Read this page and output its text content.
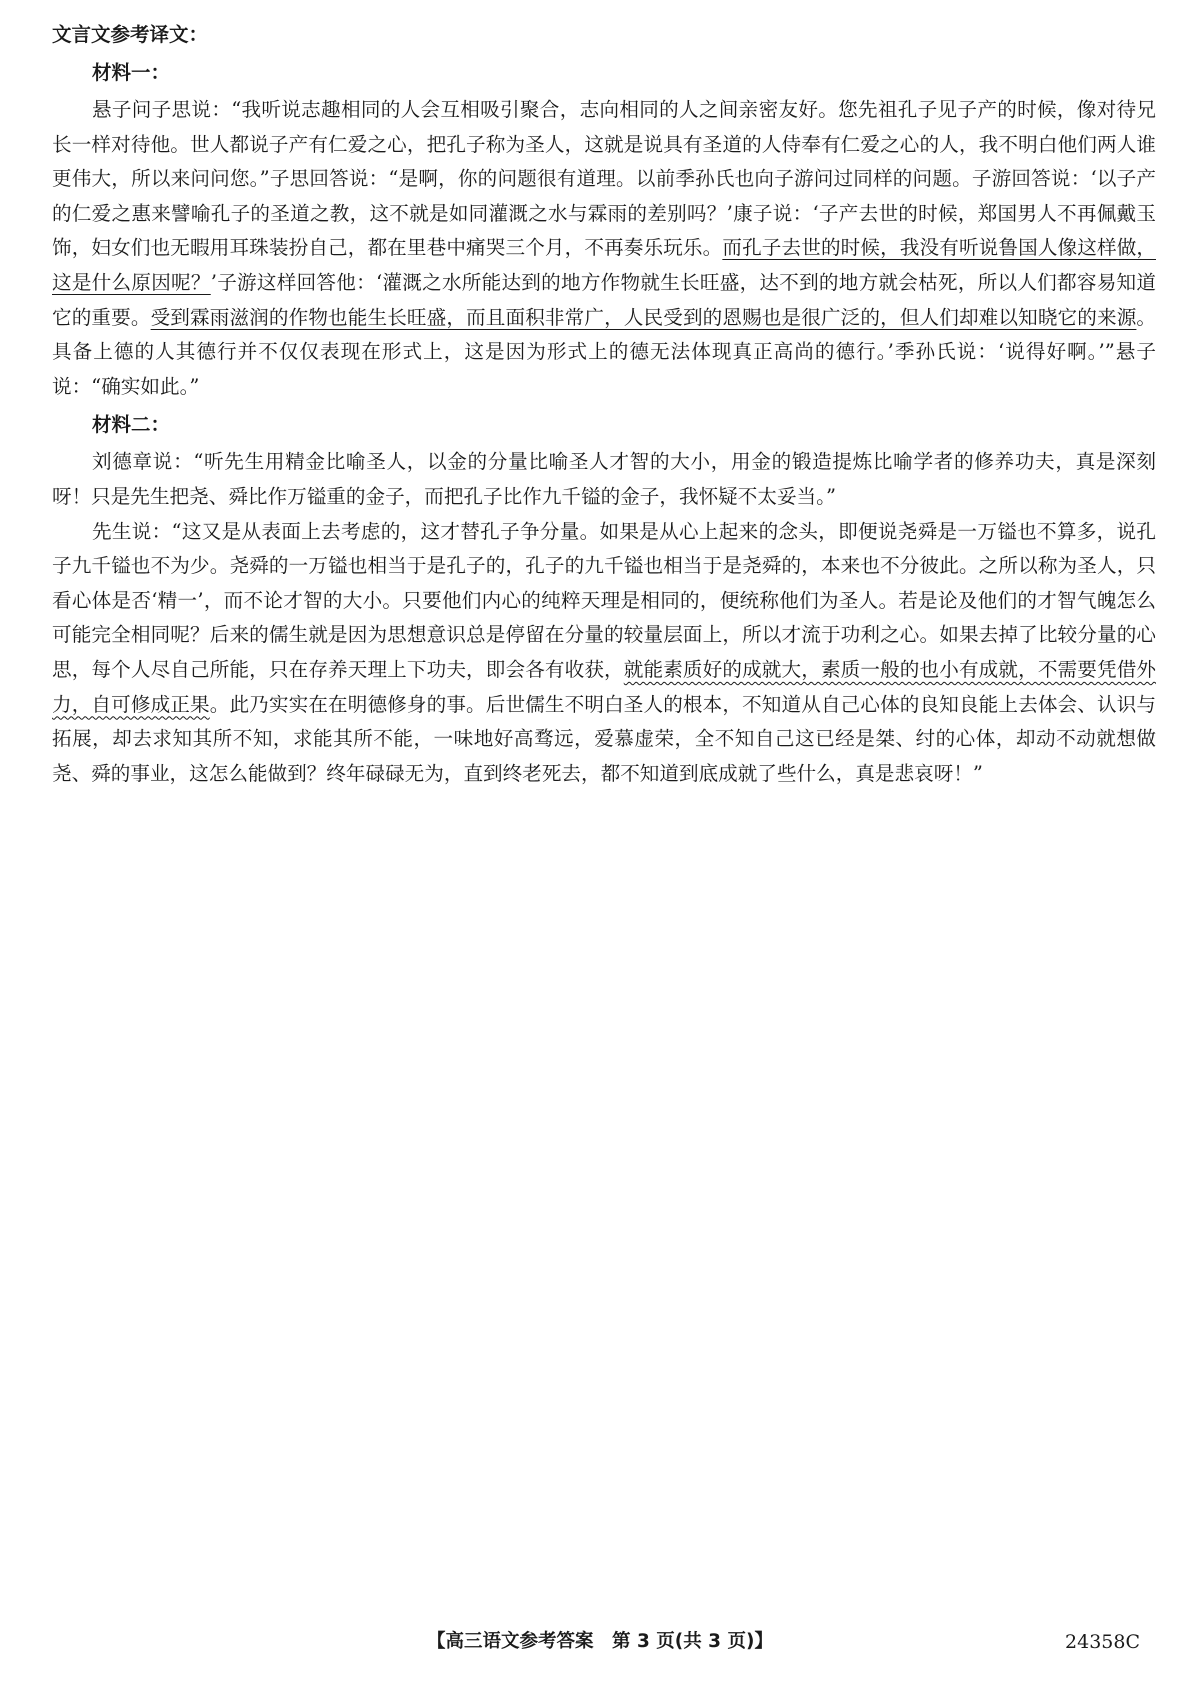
文言文参考译文：
材料一：

悬子问子思说：“我听说志趣相同的人会互相吸引聚合，志向相同的人之间亲密友好。您先祖孔子见子产的时候，像对待兄长一样对待他。世人都说子产有仁爱之心，把孔子称为圣人，这就是说具有圣道的人侍奉有仁爱之心的人，我不明白他们两人谁更伟大，所以来问问您。”子思回答说：“是啊，你的问题很有道理。以前季孙氏也向子游问过同样的问题。子游回答说：‘以子产的仁爱之惠来譬喻孔子的圣道之教，这不就是如同灌溉之水与霖雨的差别吗？’康子说：‘子产去世的时候，郑国男人不再佩戴玉饰，妇女们也无暇用耳珠装扮自己，都在里巷中痛哭三个月，不再奏乐玩乐。而孔子去世的时候，我没有听说鲁国人像这样做，这是什么原因呢？’子游这样回答他：‘灌溉之水所能达到的地方作物就生长旺盛，达不到的地方就会枯死，所以人们都容易知道它的重要。受到霖雨滋润的作物也能生长旺盛，而且面积非常广，人民受到的恩赐也是很广泛的，但人们却难以知晓它的来源。具备上德的人其德行并不仅仅表现在形式上，这是因为形式上的德无法体现真正高尚的德行。’季孙氏说：‘说得好啊。’”悬子说：“确实如此。”

材料二：

刘德章说：“听先生用精金比喻圣人，以金的分量比喻圣人才智的大小，用金的锻造提炼比喻学者的修养功夫，真是深刻呀！只是先生把尧、舜比作万镒重的金子，而把孔子比作九千镒的金子，我怀疑不太妥当。”

先生说：“这又是从表面上去考虑的，这才替孔子争分量。如果是从心上起来的念头，即便说尧舜是一万镒也不算多，说孔子九千镒也不为少。尧舜的一万镒也相当于是孔子的，孔子的九千镒也相当于是尧舜的，本来也不分彼此。之所以称为圣人，只看心体是否‘精一’，而不论才智的大小。只要他们内心的纯粹天理是相同的，便统称他们为圣人。若是论及他们的才智气魄怎么可能完全相同呢？后来的儒生就是因为思想意识总是停留在分量的较量层面上，所以才流于功利之心。如果去掉了比较分量的心思，每个人尽自己所能，只在存养天理上下功夫，即会各有收获，就能素质好的成就大，素质一般的也小有成就，不需要凭借外力，自可修成正果。此乃实实在在明德修身的事。后世儒生不明白圣人的根本，不知道从自己心体的良知良能上去体会、认识与拓展，却去求知其所不知，求能其所不能，一味地好高骛远，爱慕虚荣，全不知自己这已经是桀、纣的心体，却动不动就想做尧、舜的事业，这怎么能做到？终年碌碌无为，直到终老死去，都不知道到底成就了些什么，真是悲哀呀！”

【高三语文参考答案　第 3 页(共 3 页)】	24358C
